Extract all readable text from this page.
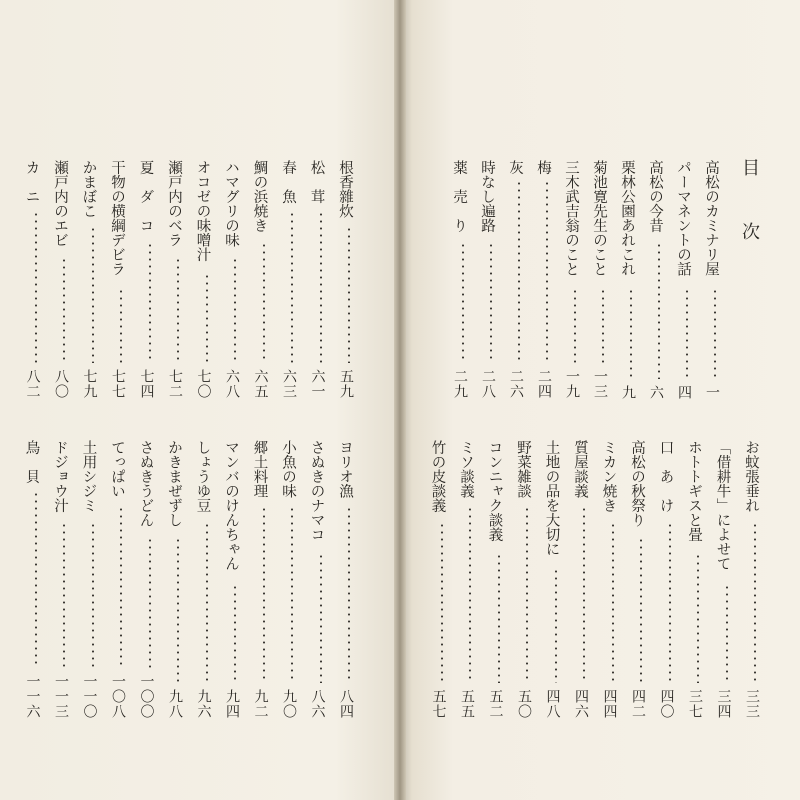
根香雜炊
五九
松　茸
六一
春　魚
六三
鯛の浜焼き
六五
ハマグリの味
六八
オコゼの味噌汁
七〇
瀬戸内のベラ
七二
夏　ダ　コ
七四
干物の横綱デビラ
七七
かまぼこ
七九
瀬戸内のエビ
八〇
カ　ニ
八二
ヨリオ漁
八四
さぬきのナマコ
八六
小魚の味
九〇
郷土料理
九二
マンバのけんちゃん
九四
しょうゆ豆
九六
かきまぜずし
九八
さぬきうどん
一〇〇
てっぱい
一〇八
土用シジミ
一一〇
ドジョウ汁
一一三
鳥　貝
一一六
目　次
高松のカミナリ屋
一
パーマネントの話
四
高松の今昔
六
栗林公園あれこれ
九
菊池寛先生のこと
一三
三木武吉翁のこと
一九
梅
二四
灰
二六
時なし遍路
二八
薬　売　り
二九
お蚊張垂れ
三三
「借耕牛」によせて
三四
ホトトギスと畳
三七
口　あ　け
四〇
高松の秋祭り
四二
ミカン焼き
四四
質屋談義
四六
土地の品を大切に
四八
野菜雑談
五〇
コンニャク談義
五二
ミソ談義
五五
竹の皮談義
五七
